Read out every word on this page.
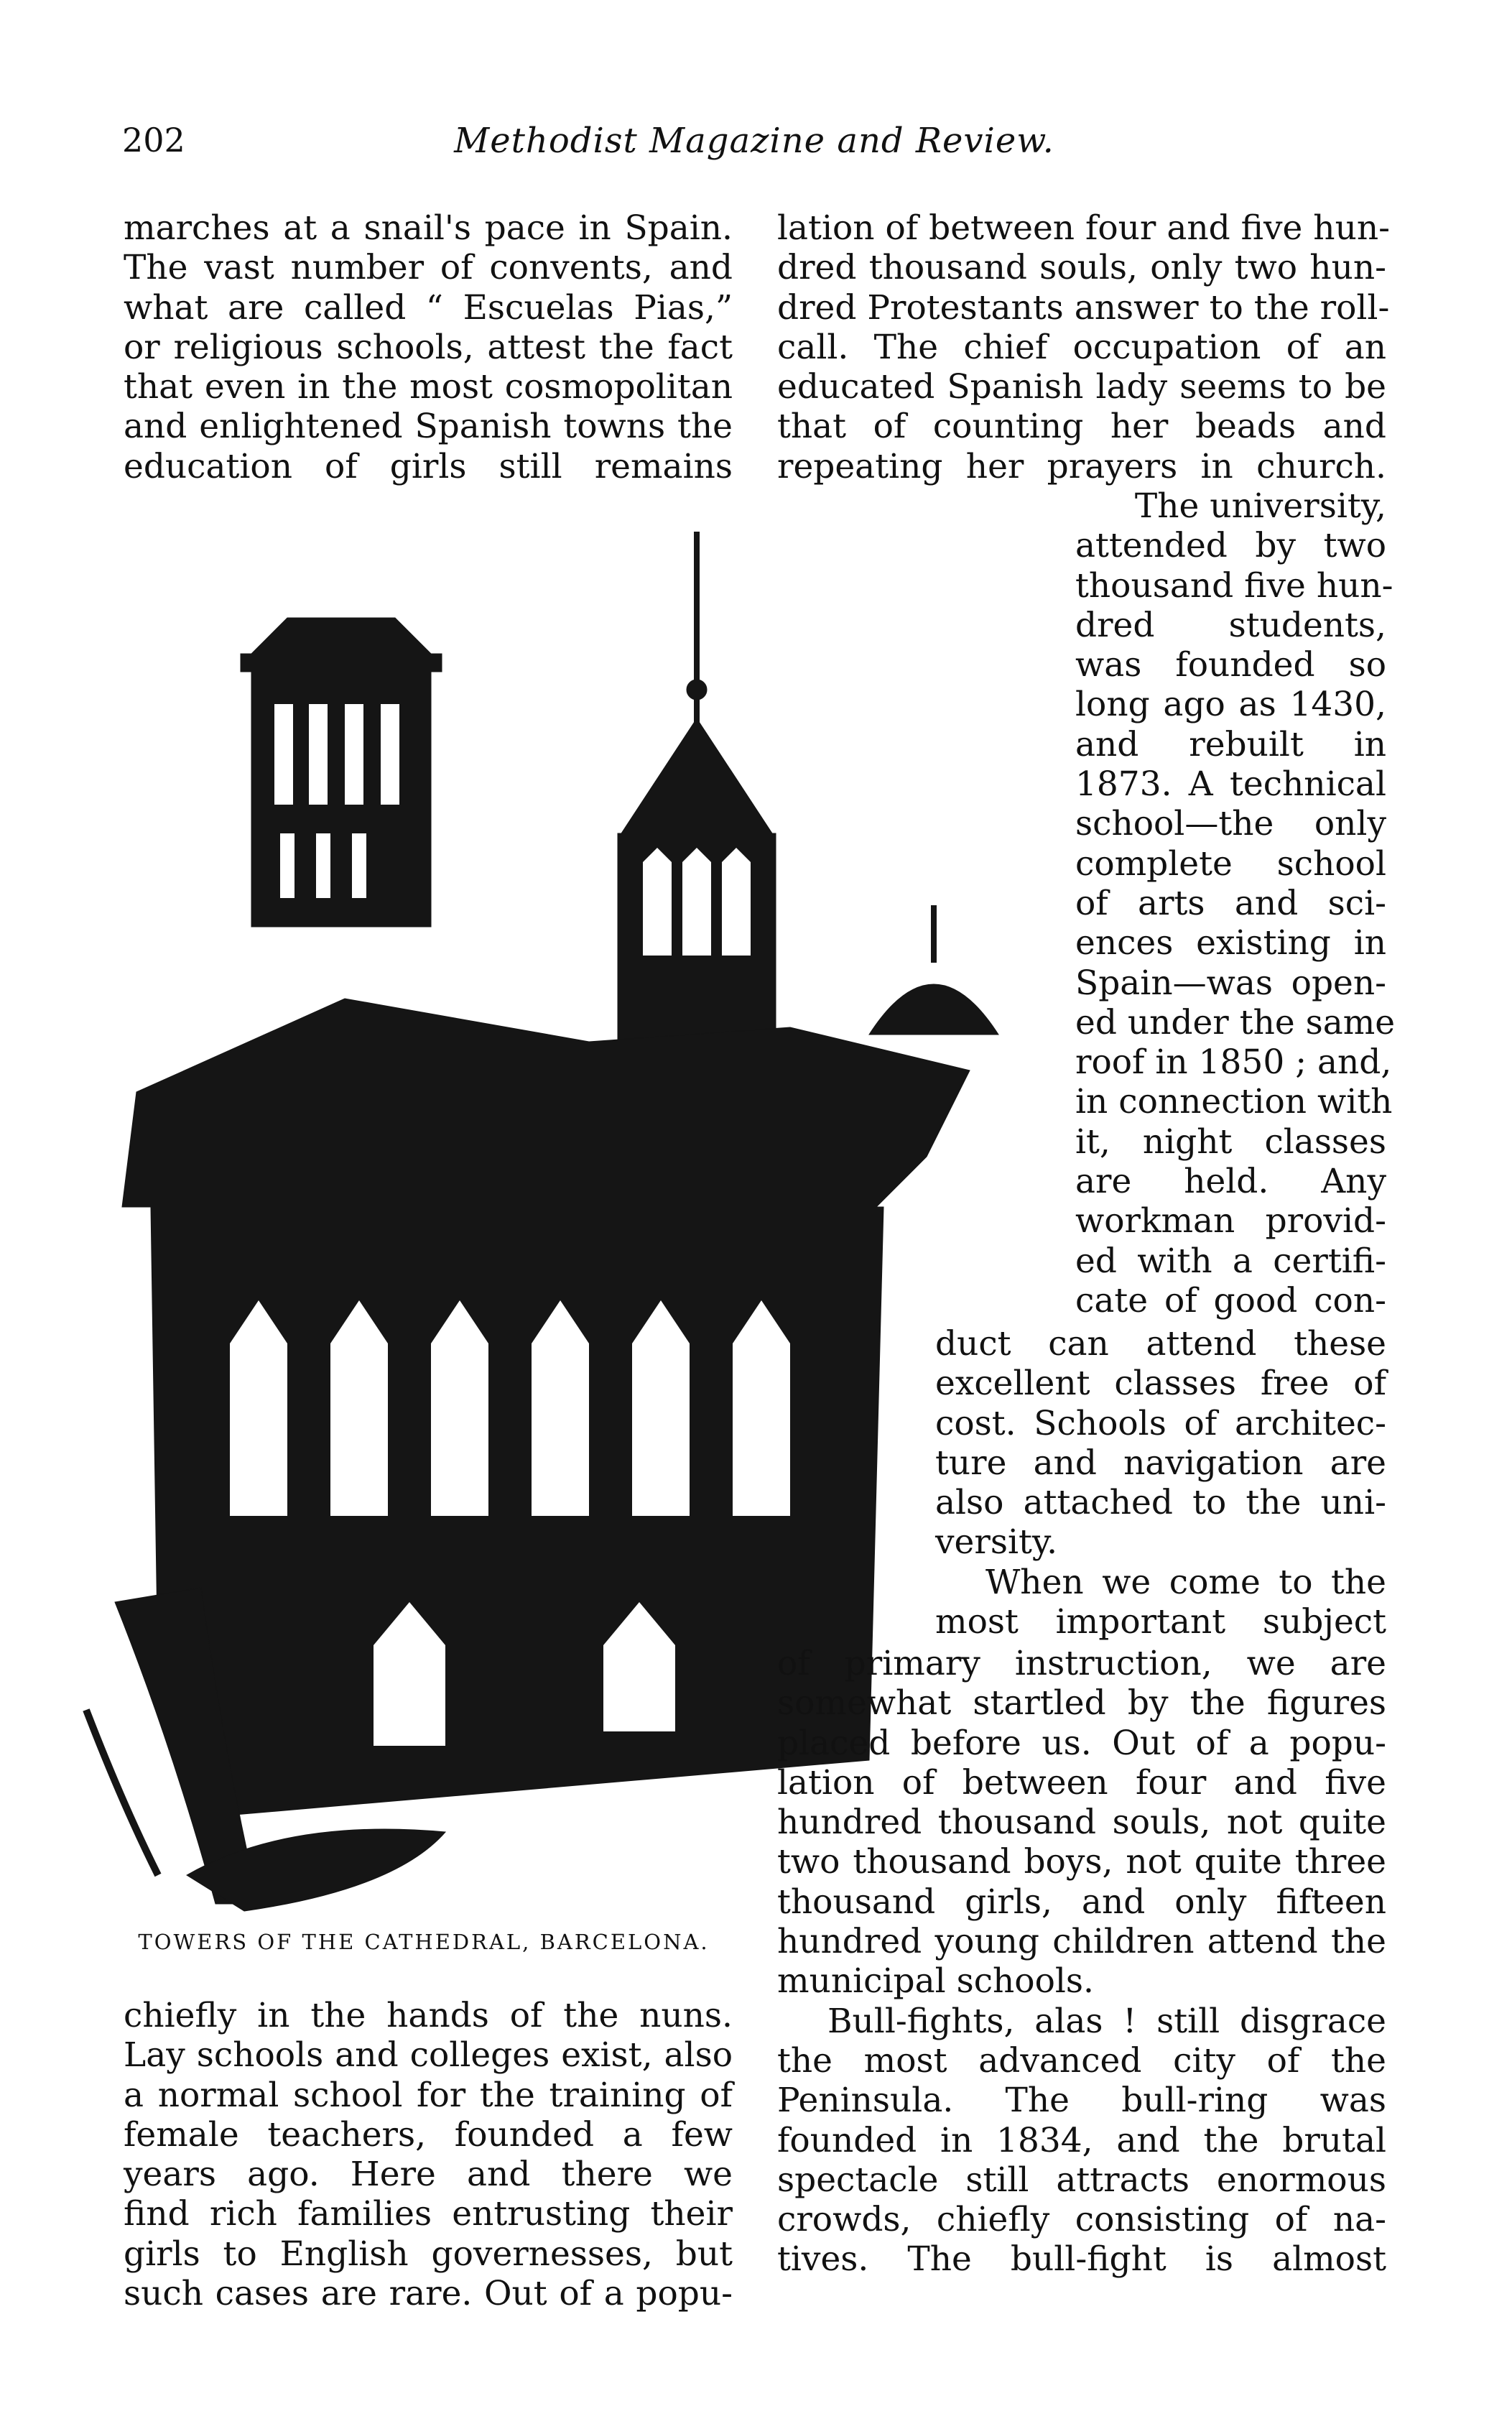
202	Methodist Magazine and Review.
marches at a snail's pace in Spain.
The vast number of convents, and
what are called “ Escuelas Pias,”
or religious schools, attest the fact
that even in the most cosmopolitan
and enlightened Spanish towns the
education of girls still remains
TOWERS OF THE CATHEDRAL, BARCELONA.
chiefly in the hands of the nuns.
Lay schools and colleges exist, also
a normal school for the training of
female teachers, founded a few
years ago. Here and there we
find rich families entrusting their
girls to English governesses, but
such cases are rare. Out of a popu-
lation of between four and five hun-
dred thousand souls, only two hun-
dred Protestants answer to the roll-
call. The chief occupation of an
educated Spanish lady seems to be
that of counting her beads and
repeating her prayers in church.
The university,
attended by two
thousand five hun-
dred students,
was founded so
long ago as 1430,
and rebuilt in
1873. A technical
school—the only
complete school
of arts and sci-
ences existing in
Spain—was open-
ed under the same
roof in 1850 ; and,
in connection with
it, night classes
are held. Any
workman provid-
ed with a certifi-
cate of good con-
duct can attend these
excellent classes free of
cost. Schools of architec-
ture and navigation are
also attached to the uni-
versity.
When we come to the
most important subject
of primary instruction, we are
somewhat startled by the figures
placed before us. Out of a popu-
lation of between four and five
hundred thousand souls, not quite
two thousand boys, not quite three
thousand girls, and only fifteen
hundred young children attend the
municipal schools.
Bull-fights, alas ! still disgrace
the most advanced city of the
Peninsula. The bull-ring was
founded in 1834, and the brutal
spectacle still attracts enormous
crowds, chiefly consisting of na-
tives. The bull-fight is almost
